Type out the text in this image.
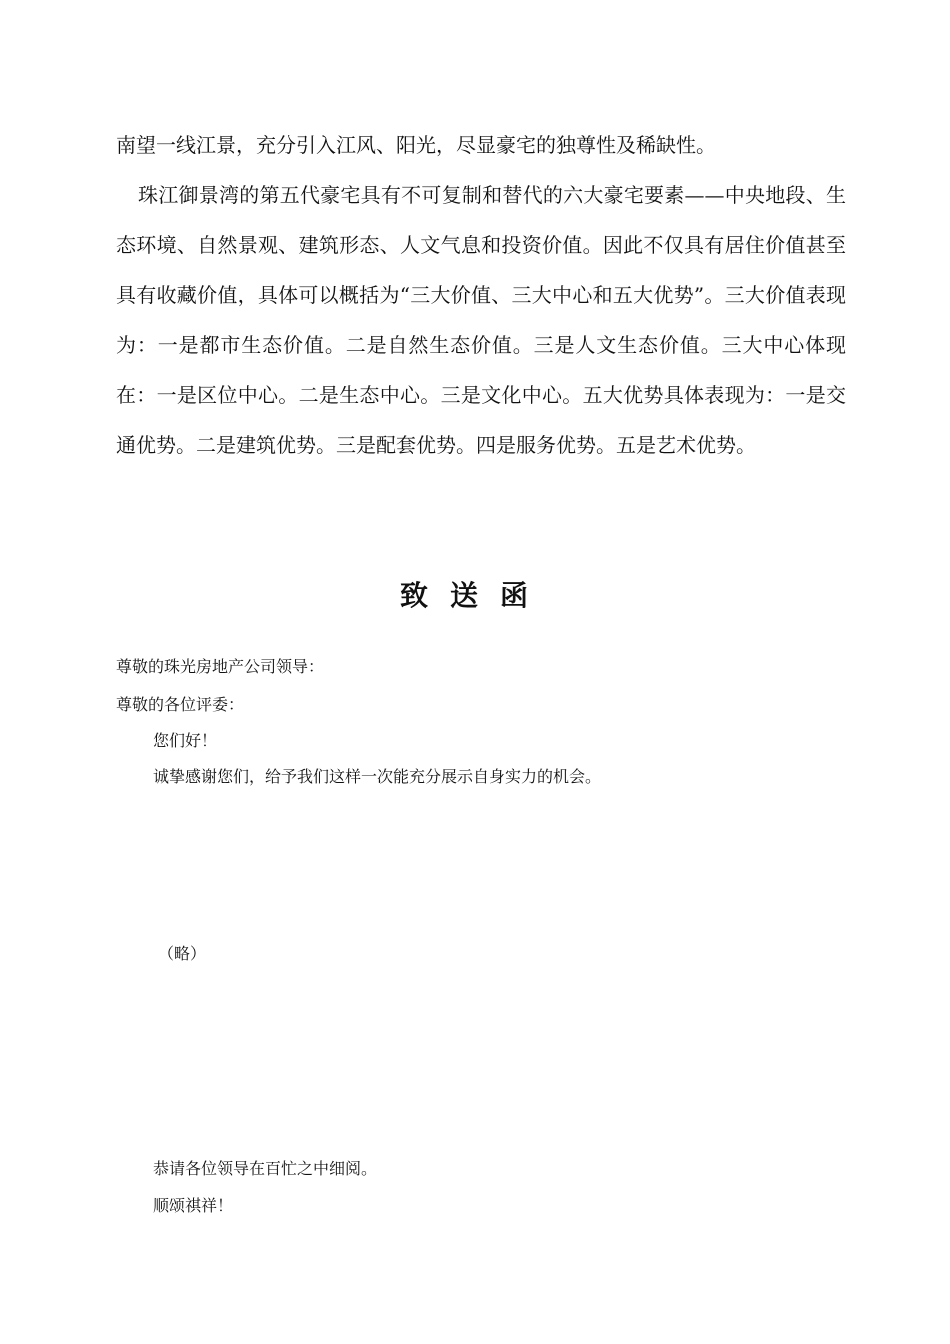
南望一线江景，充分引入江风、阳光，尽显豪宅的独尊性及稀缺性。

珠江御景湾的第五代豪宅具有不可复制和替代的六大豪宅要素——中央地段、生态环境、自然景观、建筑形态、人文气息和投资价值。因此不仅具有居住价值甚至具有收藏价值，具体可以概括为“三大价值、三大中心和五大优势”。三大价值表现为：一是都市生态价值。二是自然生态价值。三是人文生态价值。三大中心体现在：一是区位中心。二是生态中心。三是文化中心。五大优势具体表现为：一是交通优势。二是建筑优势。三是配套优势。四是服务优势。五是艺术优势。

致送函
尊敬的珠光房地产公司领导：
尊敬的各位评委：
您们好！
诚挚感谢您们，给予我们这样一次能充分展示自身实力的机会。
（略）
恭请各位领导在百忙之中细阅。
顺颂祺祥！
